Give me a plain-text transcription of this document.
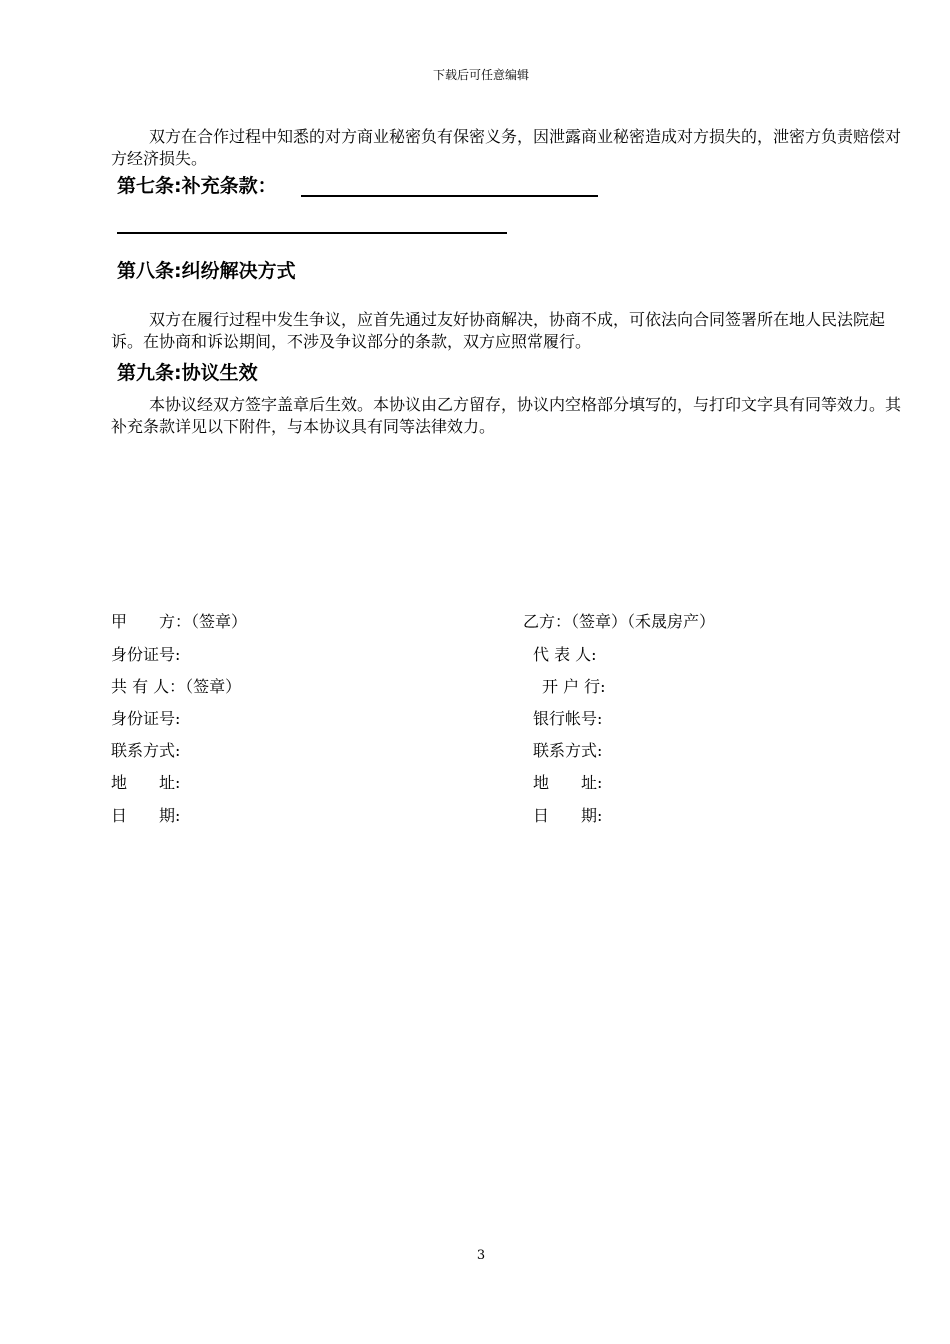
下载后可任意编辑

双方在合作过程中知悉的对方商业秘密负有保密义务，因泄露商业秘密造成对方损失的，泄密方负责赔偿对方经济损失。

第七条:补充条款：
第八条:纠纷解决方式

双方在履行过程中发生争议，应首先通过友好协商解决，协商不成，可依法向合同签署所在地人民法院起诉。在协商和诉讼期间，不涉及争议部分的条款，双方应照常履行。

第九条:协议生效

本协议经双方签字盖章后生效。本协议由乙方留存，协议内空格部分填写的，与打印文字具有同等效力。其补充条款详见以下附件，与本协议具有同等法律效力。

甲　　方：（签章）
身份证号:
共 有 人：（签章）
身份证号:
联系方式:
地　　址:
日　　期:
乙方：（签章）（禾晟房产）
代 表 人:
开 户 行:
银行帐号:
联系方式:
地　　址:
日　　期:
3
